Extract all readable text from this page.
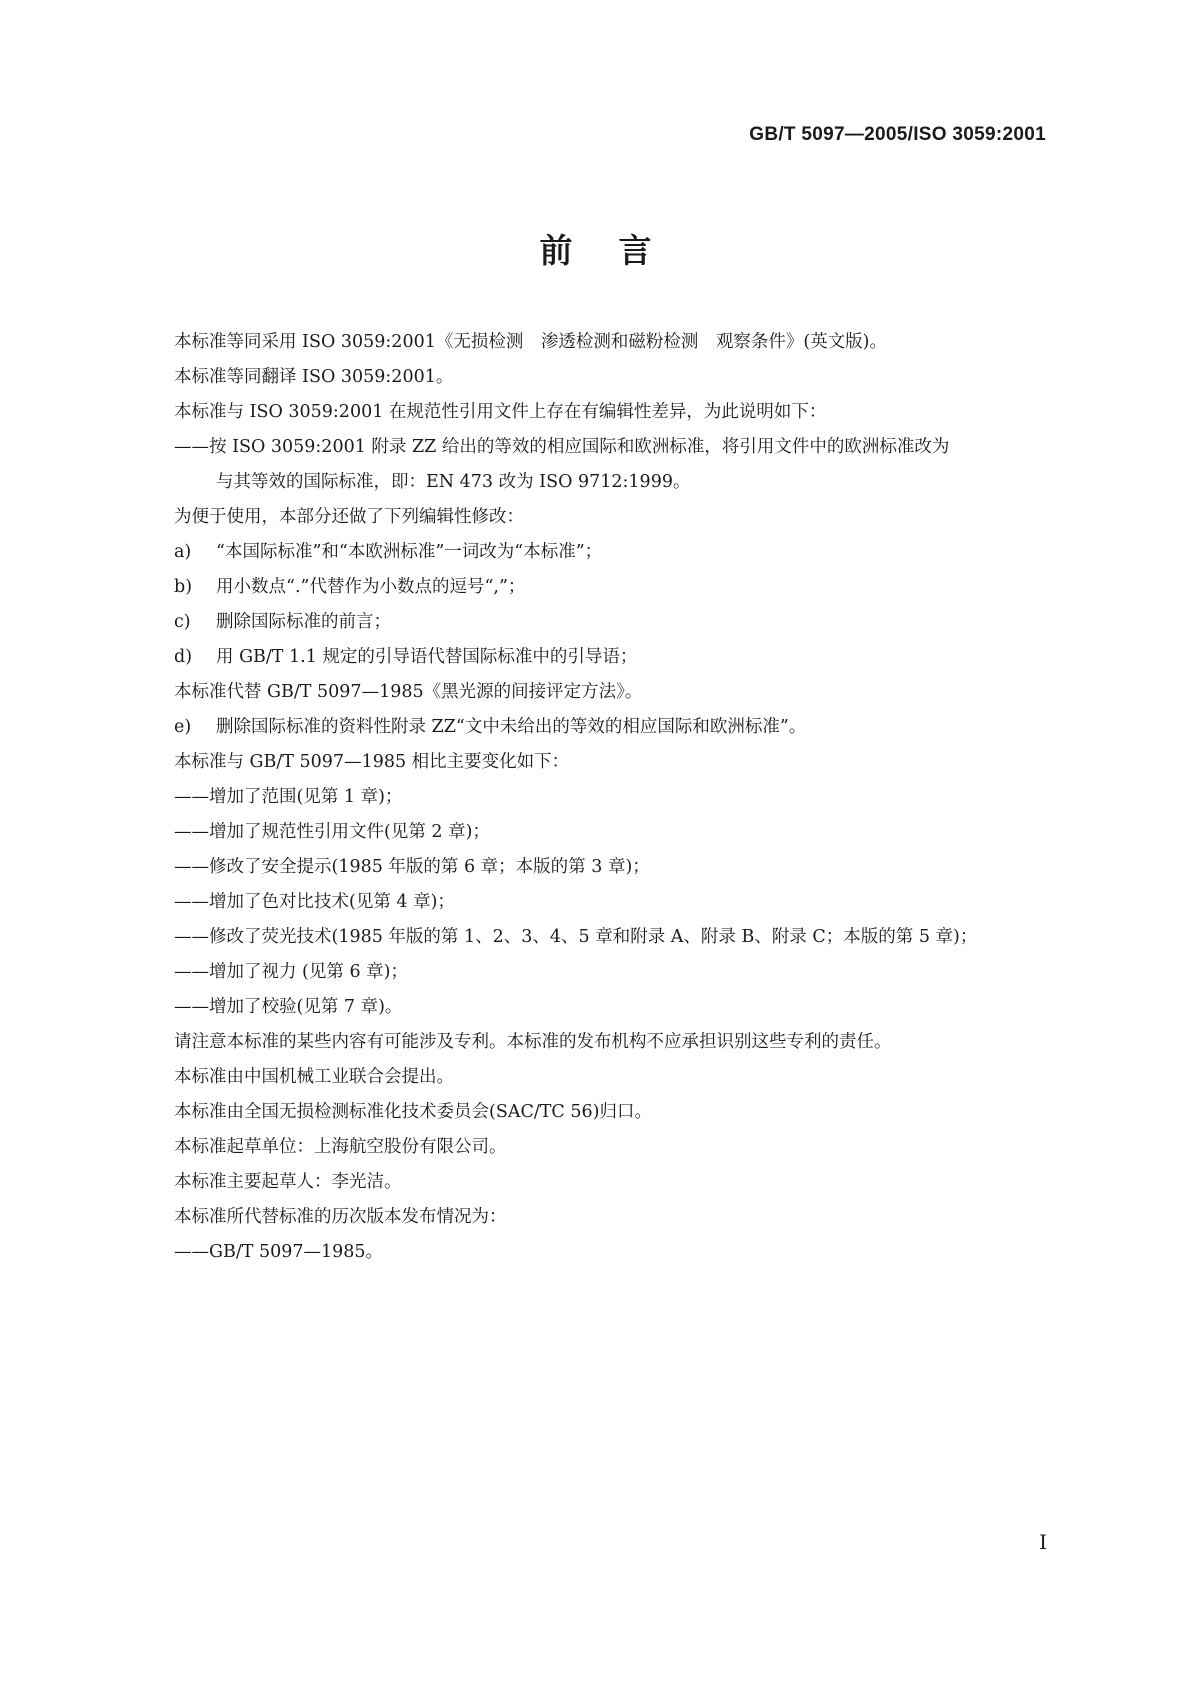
GB/T 5097—2005/ISO 3059:2001
前言
本标准等同采用 ISO 3059:2001《无损检测　渗透检测和磁粉检测　观察条件》(英文版)。
本标准等同翻译 ISO 3059:2001。
本标准与 ISO 3059:2001 在规范性引用文件上存在有编辑性差异，为此说明如下：
——按 ISO 3059:2001 附录 ZZ 给出的等效的相应国际和欧洲标准，将引用文件中的欧洲标准改为
与其等效的国际标准，即：EN 473 改为 ISO 9712:1999。
为便于使用，本部分还做了下列编辑性修改：
a) “本国际标准”和“本欧洲标准”一词改为“本标准”；
b) 用小数点“.”代替作为小数点的逗号“,”；
c) 删除国际标准的前言；
d) 用 GB/T 1.1 规定的引导语代替国际标准中的引导语；
本标准代替 GB/T 5097—1985《黑光源的间接评定方法》。
e) 删除国际标准的资料性附录 ZZ“文中未给出的等效的相应国际和欧洲标准”。
本标准与 GB/T 5097—1985 相比主要变化如下：
——增加了范围(见第 1 章)；
——增加了规范性引用文件(见第 2 章)；
——修改了安全提示(1985 年版的第 6 章；本版的第 3 章)；
——增加了色对比技术(见第 4 章)；
——修改了荧光技术(1985 年版的第 1、2、3、4、5 章和附录 A、附录 B、附录 C；本版的第 5 章)；
——增加了视力 (见第 6 章)；
——增加了校验(见第 7 章)。
请注意本标准的某些内容有可能涉及专利。本标准的发布机构不应承担识别这些专利的责任。
本标准由中国机械工业联合会提出。
本标准由全国无损检测标准化技术委员会(SAC/TC 56)归口。
本标准起草单位：上海航空股份有限公司。
本标准主要起草人：李光洁。
本标准所代替标准的历次版本发布情况为：
——GB/T 5097—1985。
I
